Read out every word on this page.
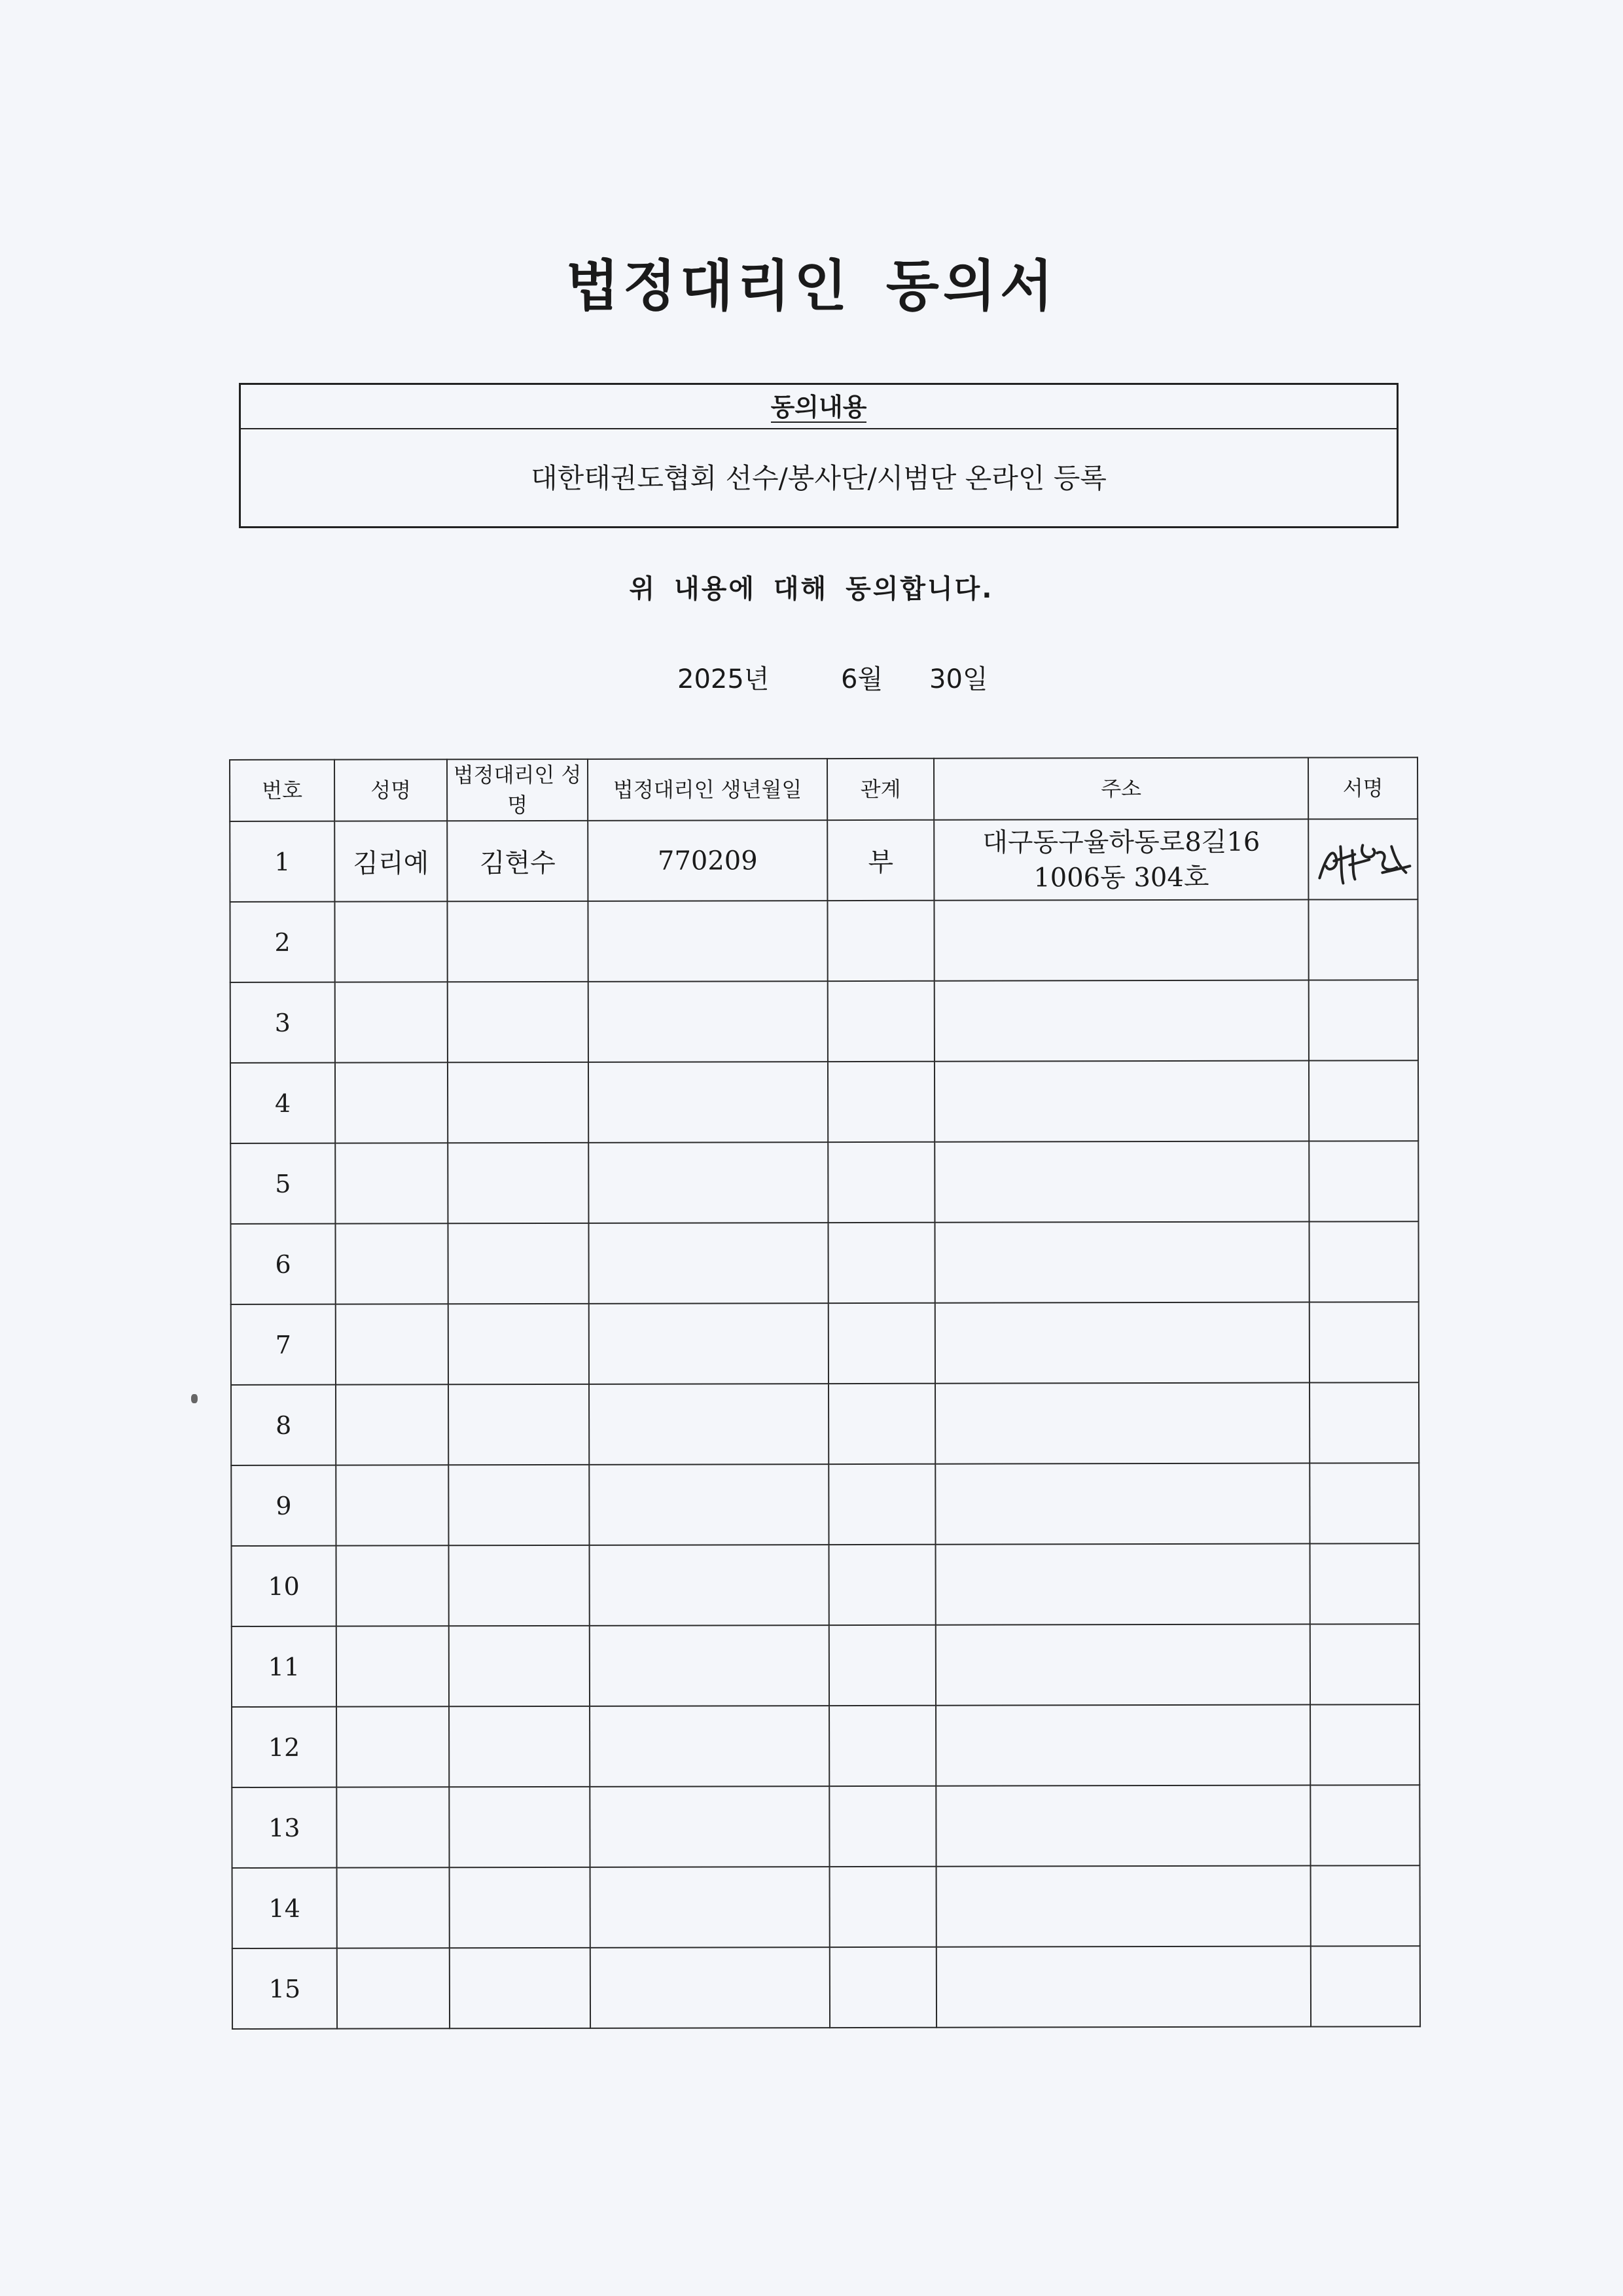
법정대리인 동의서
동의내용
대한태권도협회 선수/봉사단/시범단 온라인 등록
위 내용에 대해 동의합니다.
2025년	6월 30일
번호	성명	법정대리인 성명	법정대리인 생년월일	관계	주소	서명
1	김리예	김현수	770209	부	대구동구율하동로8길16
1006동 304호

2						
3						
4						
5						
6						
7						
8						
9						
10						
11						
12						
13						
14						
15						
